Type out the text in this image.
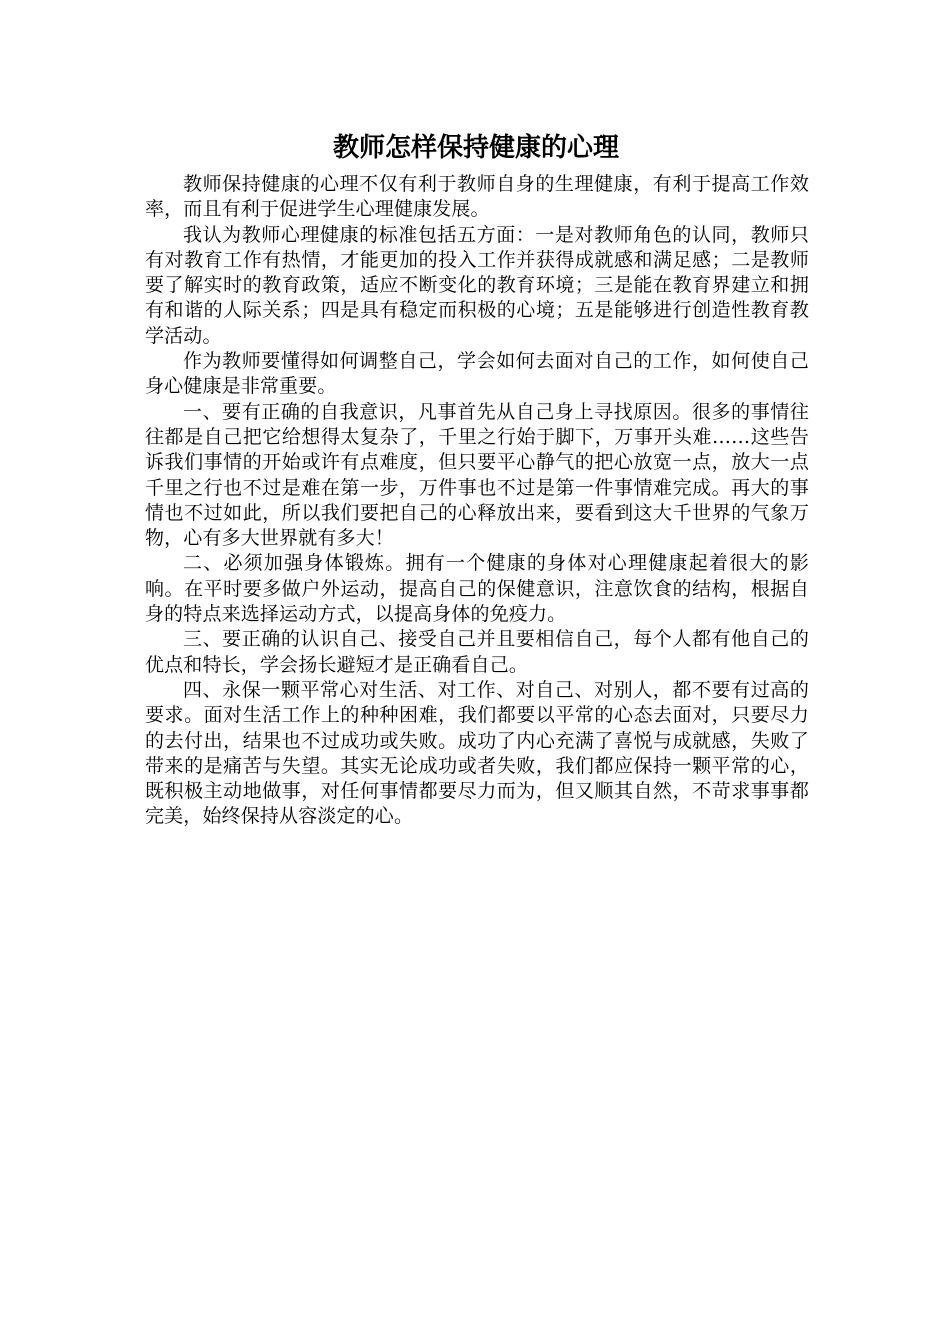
教师怎样保持健康的心理

教师保持健康的心理不仅有利于教师自身的生理健康，有利于提高工作效率，而且有利于促进学生心理健康发展。

我认为教师心理健康的标准包括五方面：一是对教师角色的认同，教师只有对教育工作有热情，才能更加的投入工作并获得成就感和满足感；二是教师要了解实时的教育政策，适应不断变化的教育环境；三是能在教育界建立和拥有和谐的人际关系；四是具有稳定而积极的心境；五是能够进行创造性教育教学活动。

作为教师要懂得如何调整自己，学会如何去面对自己的工作，如何使自己身心健康是非常重要。

一、要有正确的自我意识，凡事首先从自己身上寻找原因。很多的事情往往都是自己把它给想得太复杂了，千里之行始于脚下，万事开头难……这些告诉我们事情的开始或许有点难度，但只要平心静气的把心放宽一点，放大一点千里之行也不过是难在第一步，万件事也不过是第一件事情难完成。再大的事情也不过如此，所以我们要把自己的心释放出来，要看到这大千世界的气象万物，心有多大世界就有多大！

二、必须加强身体锻炼。拥有一个健康的身体对心理健康起着很大的影响。在平时要多做户外运动，提高自己的保健意识，注意饮食的结构，根据自身的特点来选择运动方式，以提高身体的免疫力。

三、要正确的认识自己、接受自己并且要相信自己，每个人都有他自己的优点和特长，学会扬长避短才是正确看自己。

四、永保一颗平常心对生活、对工作、对自己、对别人，都不要有过高的要求。面对生活工作上的种种困难，我们都要以平常的心态去面对，只要尽力的去付出，结果也不过成功或失败。成功了内心充满了喜悦与成就感，失败了带来的是痛苦与失望。其实无论成功或者失败，我们都应保持一颗平常的心，既积极主动地做事，对任何事情都要尽力而为，但又顺其自然，不苛求事事都完美，始终保持从容淡定的心。
